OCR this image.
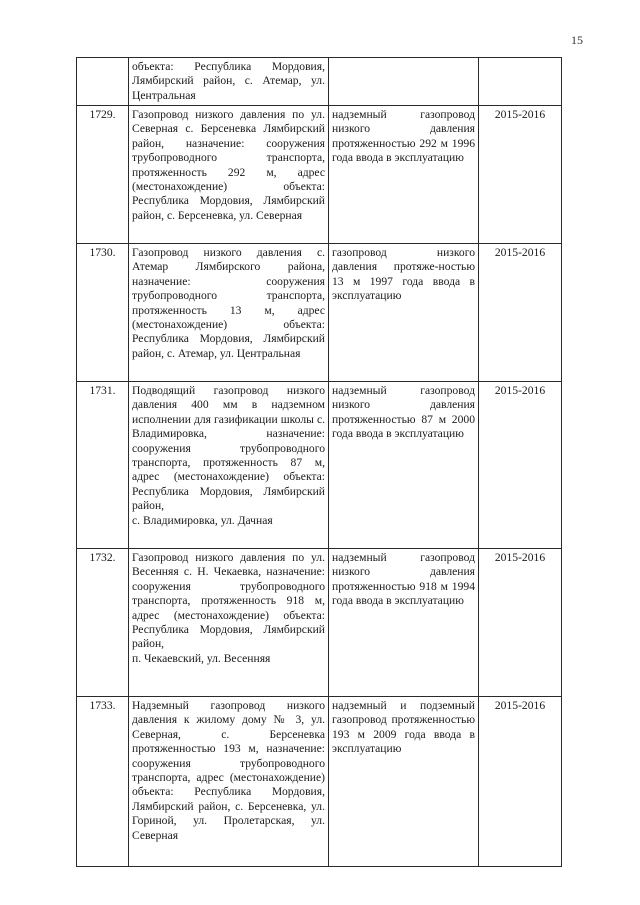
15
	объекта: Республика Мордовия, Лямбирский район, с. Атемар, ул. Центральная		
1729.	Газопровод низкого давления по ул. Северная с. Берсеневка Лямбирский район, назначение: сооружения трубопроводного транспорта, протяженность 292 м, адрес (местонахождение) объекта: Республика Мордовия, Лямбирский район, с. Берсеневка, ул. Северная	надземный газопровод низкого давления протяженностью 292 м 1996 года ввода в эксплуатацию	2015-2016
1730.	Газопровод низкого давления с. Атемар Лямбирского района, назначение: сооружения трубопроводного транспорта, протяженность 13 м, адрес (местонахождение) объекта: Республика Мордовия, Лямбирский район, с. Атемар, ул. Центральная	газопровод низкого давления протяже-ностью 13 м 1997 года ввода в эксплуатацию	2015-2016
1731.	Подводящий газопровод низкого давления 400 мм в надземном исполнении для газификации школы с. Владимировка, назначение: сооружения трубопроводного транспорта, протяженность 87 м, адрес (местонахождение) объекта: Республика Мордовия, Лямбирский район,
с. Владимировка, ул. Дачная	надземный газопровод низкого давления протяженностью 87 м 2000 года ввода в эксплуатацию	2015-2016
1732.	Газопровод низкого давления по ул. Весенняя с. Н. Чекаевка, назначение: сооружения трубопроводного транспорта, протяженность 918 м, адрес (местонахождение) объекта: Республика Мордовия, Лямбирский район,
п. Чекаевский, ул. Весенняя	надземный газопровод низкого давления протяженностью 918 м 1994 года ввода в эксплуатацию	2015-2016
1733.	Надземный газопровод низкого давления к жилому дому № 3, ул. Северная, с. Берсеневка протяженностью 193 м, назначение: сооружения трубопроводного транспорта, адрес (местонахождение) объекта: Республика Мордовия, Лямбирский район, с. Берсеневка, ул. Гориной, ул. Пролетарская, ул. Северная	надземный и подземный газопровод протяженностью 193 м 2009 года ввода в эксплуатацию	2015-2016
